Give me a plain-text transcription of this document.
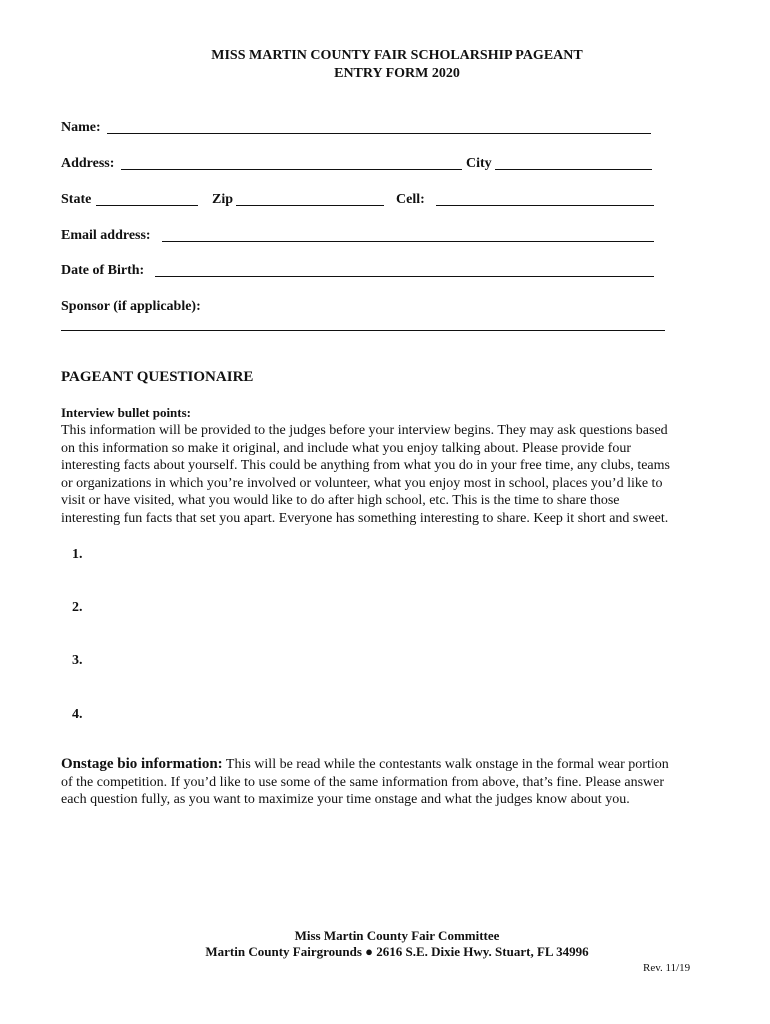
MISS MARTIN COUNTY FAIR SCHOLARSHIP PAGEANT
ENTRY FORM 2020
Name:
Address:	City
State	Zip	Cell:
Email address:
Date of Birth:
Sponsor (if applicable):
PAGEANT QUESTIONAIRE
Interview bullet points:
This information will be provided to the judges before your interview begins. They may ask questions based
on this information so make it original, and include what you enjoy talking about. Please provide four
interesting facts about yourself. This could be anything from what you do in your free time, any clubs, teams
or organizations in which you’re involved or volunteer, what you enjoy most in school, places you’d like to
visit or have visited, what you would like to do after high school, etc. This is the time to share those
interesting fun facts that set you apart. Everyone has something interesting to share. Keep it short and sweet.
1.
2.
3.
4.
Onstage bio information: This will be read while the contestants walk onstage in the formal wear portion
of the competition. If you’d like to use some of the same information from above, that’s fine. Please answer
each question fully, as you want to maximize your time onstage and what the judges know about you.
Miss Martin County Fair Committee
Martin County Fairgrounds ● 2616 S.E. Dixie Hwy. Stuart, FL 34996
Rev. 11/19
